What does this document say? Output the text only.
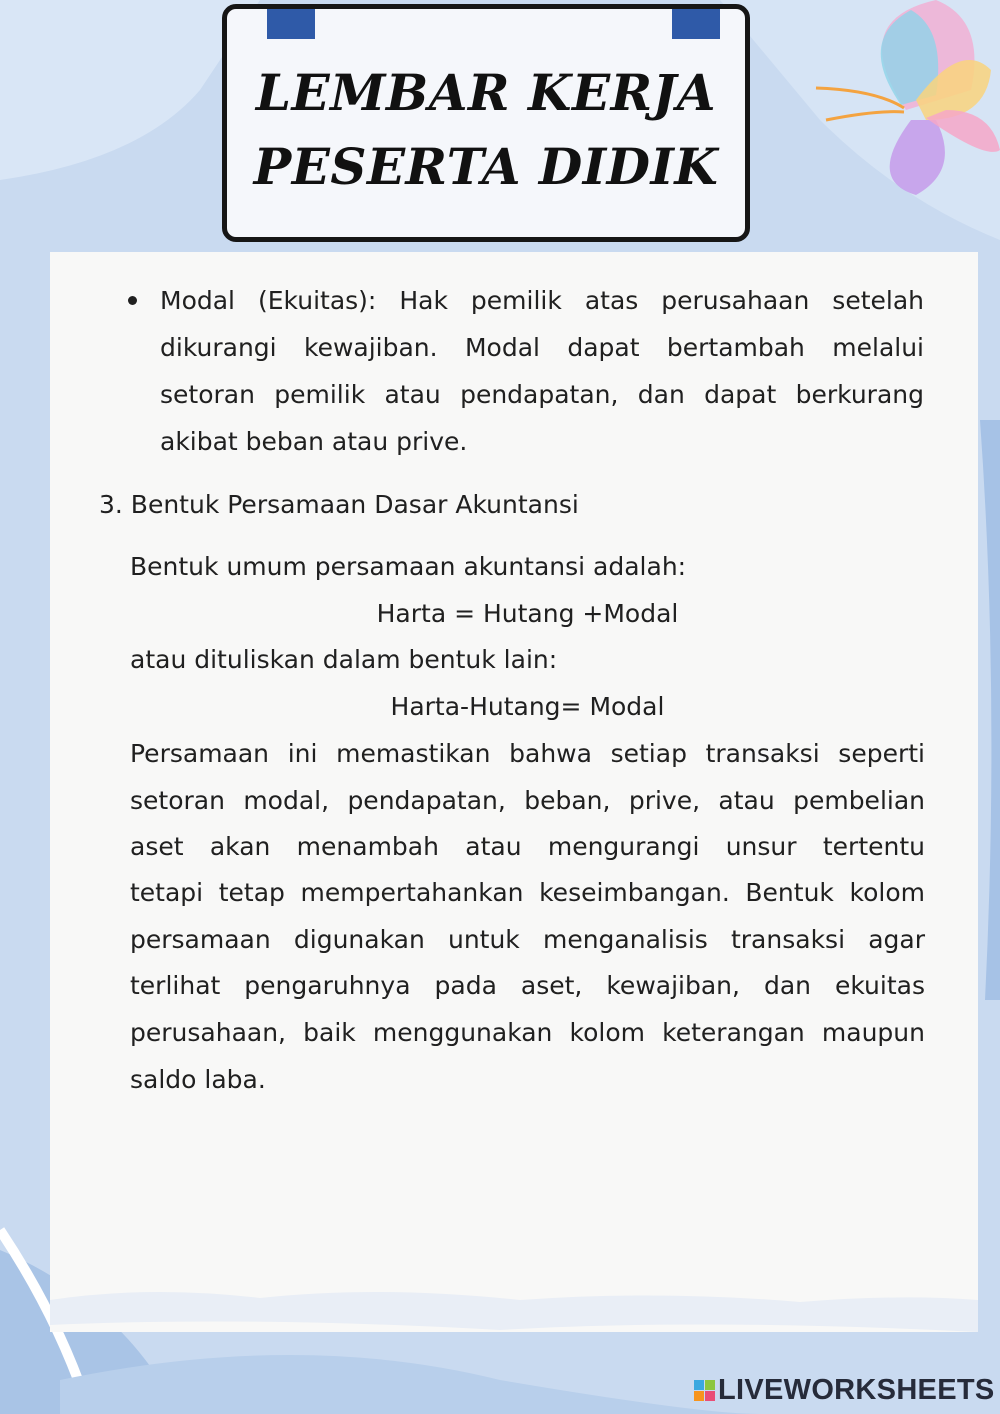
LEMBAR KERJA
PESERTA DIDIK
Modal (Ekuitas): Hak pemilik atas perusahaan setelah
dikurangi kewajiban. Modal dapat bertambah melalui
setoran pemilik atau pendapatan, dan dapat berkurang
akibat beban atau prive.
3. Bentuk Persamaan Dasar Akuntansi
Bentuk umum persamaan akuntansi adalah:
Harta = Hutang +Modal
atau dituliskan dalam bentuk lain:
Harta-Hutang= Modal
Persamaan ini memastikan bahwa setiap transaksi seperti
setoran modal, pendapatan, beban, prive, atau pembelian
aset akan menambah atau mengurangi unsur tertentu
tetapi tetap mempertahankan keseimbangan. Bentuk kolom
persamaan digunakan untuk menganalisis transaksi agar
terlihat pengaruhnya pada aset, kewajiban, dan ekuitas
perusahaan, baik menggunakan kolom keterangan maupun
saldo laba.
LIVEWORKSHEETS
